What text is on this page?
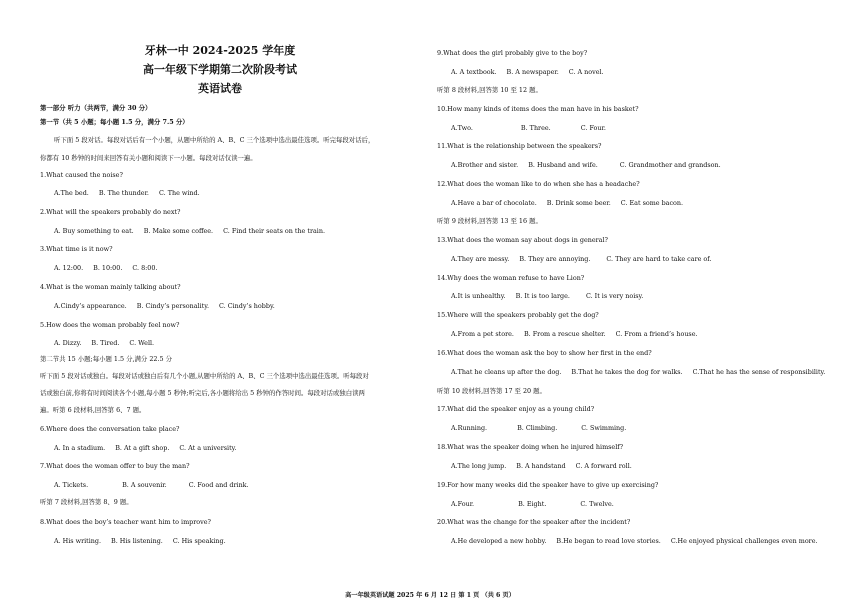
牙林一中 2024-2025 学年度
高一年级下学期第二次阶段考试
英语试卷
第一部分 听力（共两节，满分 30 分）
第一节（共 5 小题；每小题 1.5 分，满分 7.5 分）
听下面 5 段对话。每段对话后有一个小题，从题中所给的 A、B、C 三个选项中选出最佳选项。听完每段对话后，
你都有 10 秒钟的时间来回答有关小题和阅读下一小题。每段对话仅读一遍。
1.What caused the noise?
A.The bed. B. The thunder. C. The wind.
2.What will the speakers probably do next?
A. Buy something to eat. B. Make some coffee. C. Find their seats on the train.
3.What time is it now?
A. 12:00. B. 10:00. C. 8:00.
4.What is the woman mainly talking about?
A.Cindy’s appearance. B. Cindy’s personality. C. Cindy’s hobby.
5.How does the woman probably feel now?
A. Dizzy. B. Tired. C. Well.
第二节共 15 小题;每小题 1.5 分,满分 22.5 分
听下面 5 段对话或独白。每段对话或独白后有几个小题,从题中所给的 A、B、C 三个选项中选出最佳选项。听每段对
话或独白前,你将有时间阅读各个小题,每小题 5 秒钟;听完后,各小题将给出 5 秒钟的作答时间。每段对话或独白读两
遍。听第 6 段材料,回答第 6、7 题。
6.Where does the conversation take place?
A. In a stadium. B. At a gift shop. C. At a university.
7.What does the woman offer to buy the man?
A. Tickets.	B. A souvenir.	C. Food and drink.
听第 7 段材料,回答第 8、9 题。
8.What does the boy’s teacher want him to improve?
A. His writing. B. His listening. C. His speaking.
9.What does the girl probably give to the boy?
A. A textbook. B. A newspaper. C. A novel.
听第 8 段材料,回答第 10 至 12 题。
10.How many kinds of items does the man have in his basket?
A.Two.	B. Three.	C. Four.
11.What is the relationship between the speakers?
A.Brother and sister. B. Husband and wife.	C. Grandmother and grandson.
12.What does the woman like to do when she has a headache?
A.Have a bar of chocolate. B. Drink some beer. C. Eat some bacon.
听第 9 段材料,回答第 13 至 16 题。
13.What does the woman say about dogs in general?
A.They are messy. B. They are annoying.	C. They are hard to take care of.
14.Why does the woman refuse to have Lion?
A.It is unhealthy. B. It is too large.	C. It is very noisy.
15.Where will the speakers probably get the dog?
A.From a pet store. B. From a rescue shelter. C. From a friend’s house.
16.What does the woman ask the boy to show her first in the end?
A.That he cleans up after the dog. B.That he takes the dog for walks. C.That he has the sense of responsibility.
听第 10 段材料,回答第 17 至 20 题。
17.What did the speaker enjoy as a young child?
A.Running.	B. Climbing.	C. Swimming.
18.What was the speaker doing when he injured himself?
A.The long jump. B. A handstand C. A forward roll.
19.For how many weeks did the speaker have to give up exercising?
A.Four.	B. Eight.	C. Twelve.
20.What was the change for the speaker after the incident?
A.He developed a new hobby. B.He began to read love stories. C.He enjoyed physical challenges even more.
高一年级英语试题 2025 年 6 月 12 日 第 1 页 （共 6 页）
